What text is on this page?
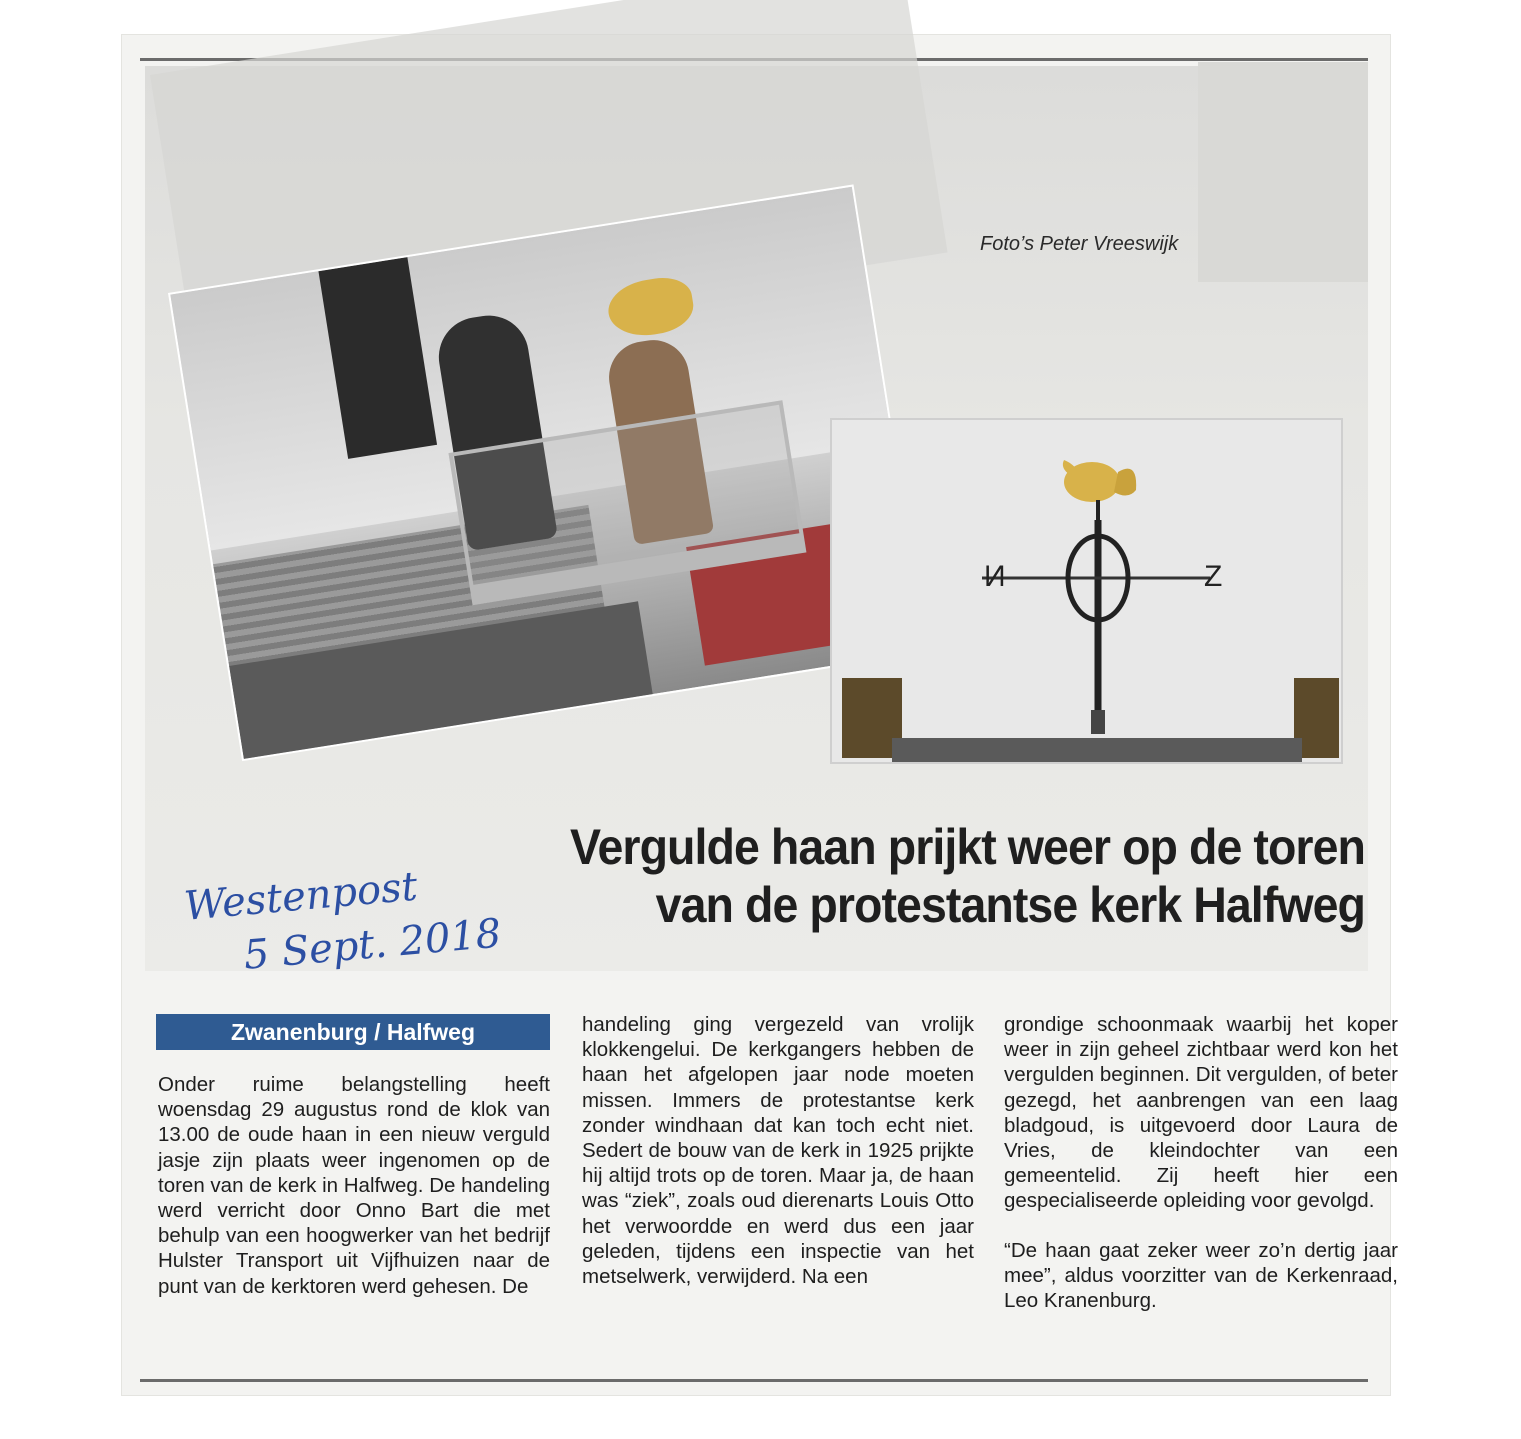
Foto’s Peter Vreeswijk
N	Z
Vergulde haan prijkt weer op de toren
van de protestantse kerk Halfweg
Westenpost
5 Sept. 2018
Zwanenburg / Halfweg

Onder ruime belangstelling heeft woensdag 29 augustus rond de klok van 13.00 de oude haan in een nieuw verguld jasje zijn plaats weer ingenomen op de toren van de kerk in Halfweg. De handeling werd verricht door Onno Bart die met behulp van een hoogwerker van het bedrijf Hulster Transport uit Vijfhuizen naar de punt van de kerktoren werd gehesen. De

handeling ging vergezeld van vrolijk klokkengelui. De kerkgangers hebben de haan het afgelopen jaar node moeten missen. Immers de protestantse kerk zonder windhaan dat kan toch echt niet. Sedert de bouw van de kerk in 1925 prijkte hij altijd trots op de toren. Maar ja, de haan was “ziek”, zoals oud dierenarts Louis Otto het verwoordde en werd dus een jaar geleden, tijdens een inspectie van het metselwerk, verwijderd. Na een

grondige schoonmaak waarbij het koper weer in zijn geheel zichtbaar werd kon het vergulden beginnen. Dit vergulden, of beter gezegd, het aanbrengen van een laag bladgoud, is uitgevoerd door Laura de Vries, de kleindochter van een gemeentelid. Zij heeft hier een gespecialiseerde opleiding voor gevolgd.

“De haan gaat zeker weer zo’n dertig jaar mee”, aldus voorzitter van de Kerkenraad, Leo Kranenburg.
